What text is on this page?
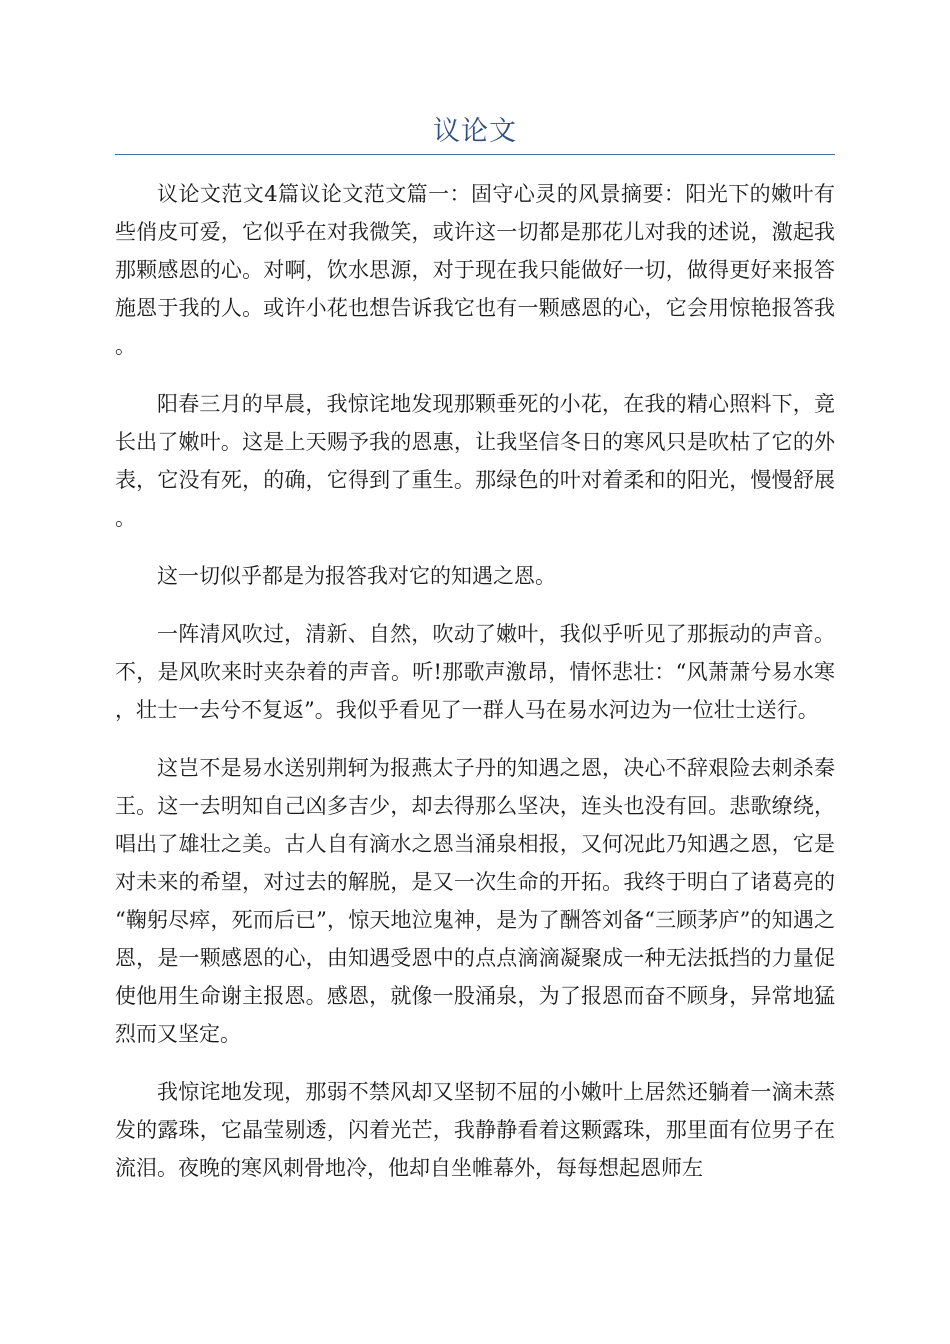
议论文

议论文范文4篇议论文范文篇一：固守心灵的风景摘要：阳光下的嫩叶有些俏皮可爱，它似乎在对我微笑，或许这一切都是那花儿对我的述说，激起我那颗感恩的心。对啊，饮水思源，对于现在我只能做好一切，做得更好来报答施恩于我的人。或许小花也想告诉我它也有一颗感恩的心，它会用惊艳报答我。

阳春三月的早晨，我惊诧地发现那颗垂死的小花，在我的精心照料下，竟长出了嫩叶。这是上天赐予我的恩惠，让我坚信冬日的寒风只是吹枯了它的外表，它没有死，的确，它得到了重生。那绿色的叶对着柔和的阳光，慢慢舒展。

这一切似乎都是为报答我对它的知遇之恩。

一阵清风吹过，清新、自然，吹动了嫩叶，我似乎听见了那振动的声音。不，是风吹来时夹杂着的声音。听!那歌声激昂，情怀悲壮：“风萧萧兮易水寒，壮士一去兮不复返”。我似乎看见了一群人马在易水河边为一位壮士送行。

这岂不是易水送别荆轲为报燕太子丹的知遇之恩，决心不辞艰险去刺杀秦王。这一去明知自己凶多吉少，却去得那么坚决，连头也没有回。悲歌缭绕，唱出了雄壮之美。古人自有滴水之恩当涌泉相报，又何况此乃知遇之恩，它是对未来的希望，对过去的解脱，是又一次生命的开拓。我终于明白了诸葛亮的“鞠躬尽瘁，死而后已”，惊天地泣鬼神，是为了酬答刘备“三顾茅庐”的知遇之恩，是一颗感恩的心，由知遇受恩中的点点滴滴凝聚成一种无法抵挡的力量促使他用生命谢主报恩。感恩，就像一股涌泉，为了报恩而奋不顾身，异常地猛烈而又坚定。

我惊诧地发现，那弱不禁风却又坚韧不屈的小嫩叶上居然还躺着一滴未蒸发的露珠，它晶莹剔透，闪着光芒，我静静看着这颗露珠，那里面有位男子在流泪。夜晚的寒风刺骨地冷，他却自坐帷幕外，每每想起恩师左
